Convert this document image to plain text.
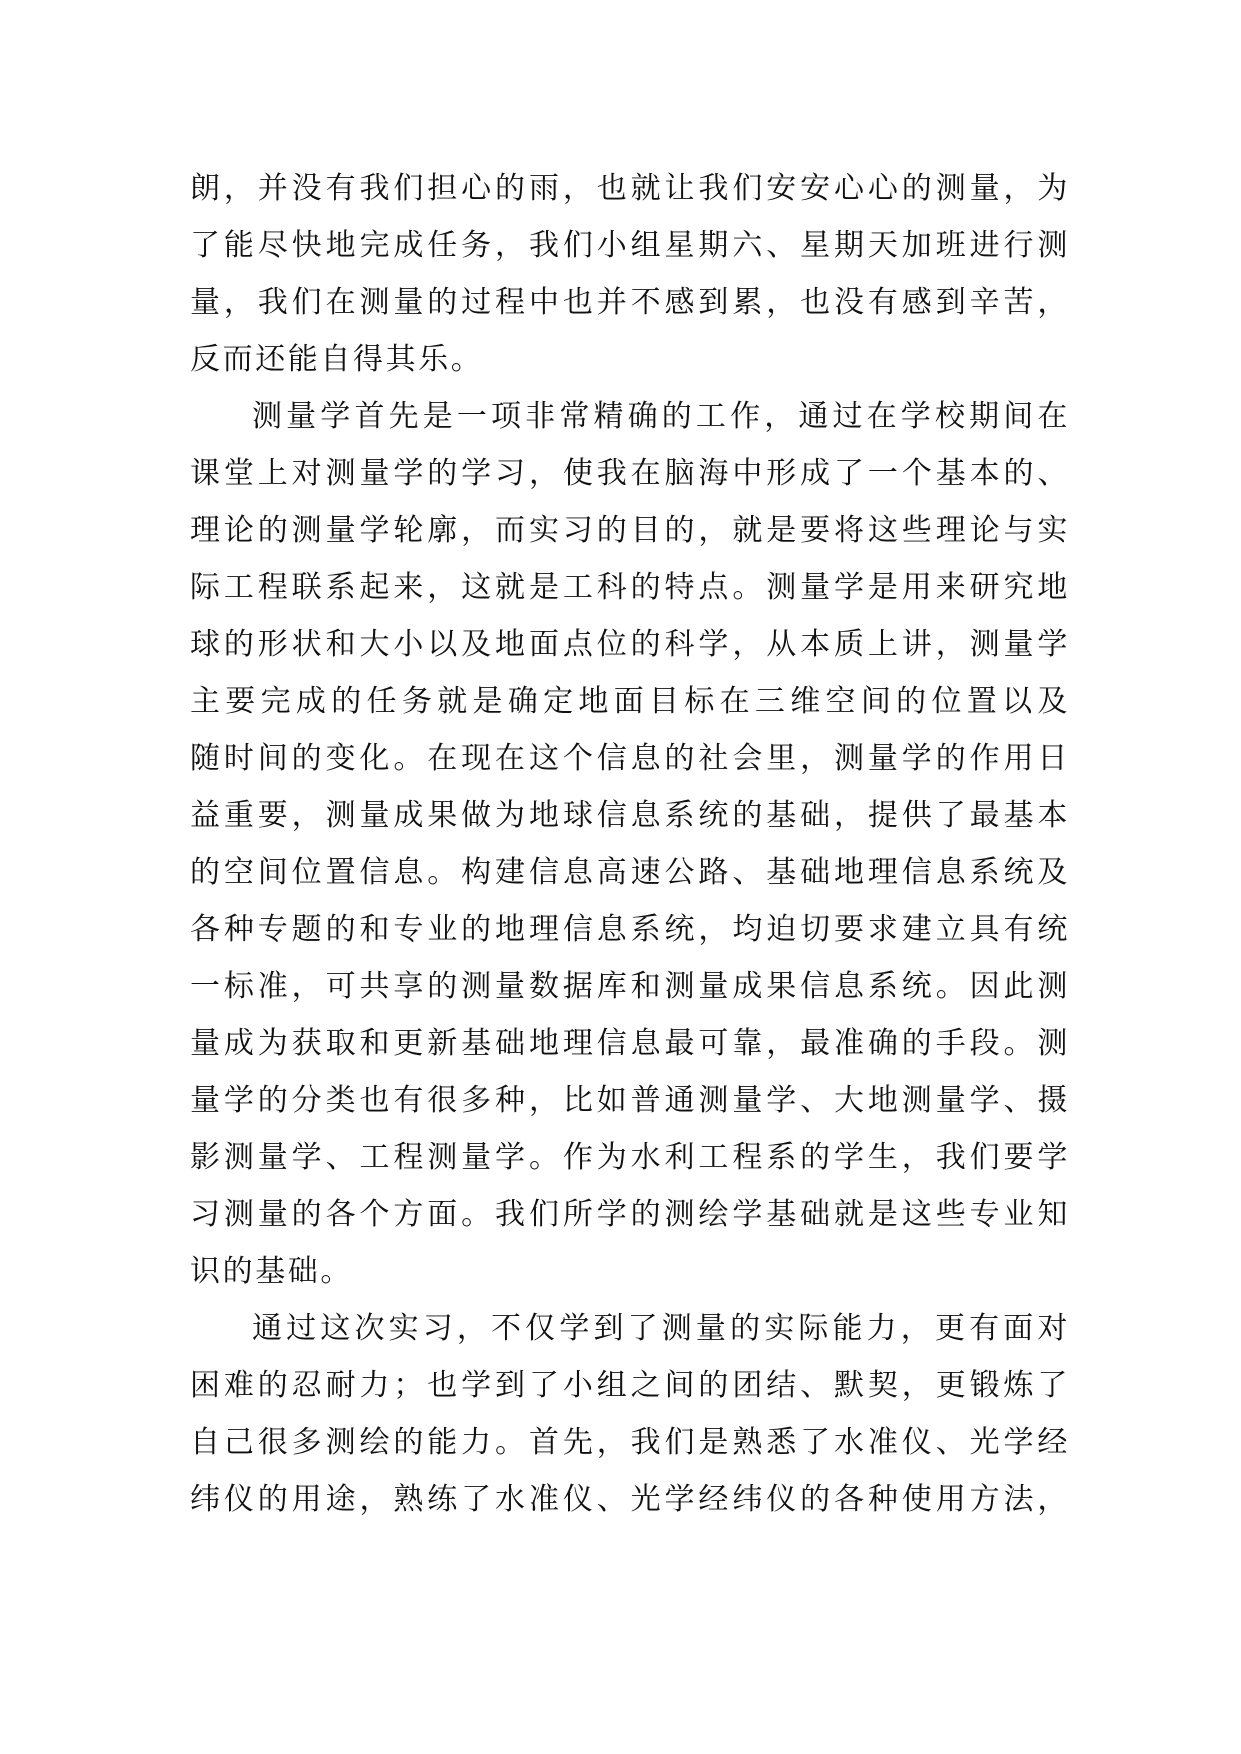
朗，并没有我们担心的雨，也就让我们安安心心的测量，为
了能尽快地完成任务，我们小组星期六、星期天加班进行测
量，我们在测量的过程中也并不感到累，也没有感到辛苦，
反而还能自得其乐。
测量学首先是一项非常精确的工作，通过在学校期间在
课堂上对测量学的学习，使我在脑海中形成了一个基本的、
理论的测量学轮廓，而实习的目的，就是要将这些理论与实
际工程联系起来，这就是工科的特点。测量学是用来研究地
球的形状和大小以及地面点位的科学，从本质上讲，测量学
主要完成的任务就是确定地面目标在三维空间的位置以及
随时间的变化。在现在这个信息的社会里，测量学的作用日
益重要，测量成果做为地球信息系统的基础，提供了最基本
的空间位置信息。构建信息高速公路、基础地理信息系统及
各种专题的和专业的地理信息系统，均迫切要求建立具有统
一标准，可共享的测量数据库和测量成果信息系统。因此测
量成为获取和更新基础地理信息最可靠，最准确的手段。测
量学的分类也有很多种，比如普通测量学、大地测量学、摄
影测量学、工程测量学。作为水利工程系的学生，我们要学
习测量的各个方面。我们所学的测绘学基础就是这些专业知
识的基础。
通过这次实习，不仅学到了测量的实际能力，更有面对
困难的忍耐力；也学到了小组之间的团结、默契，更锻炼了
自己很多测绘的能力。首先，我们是熟悉了水准仪、光学经
纬仪的用途，熟练了水准仪、光学经纬仪的各种使用方法，
